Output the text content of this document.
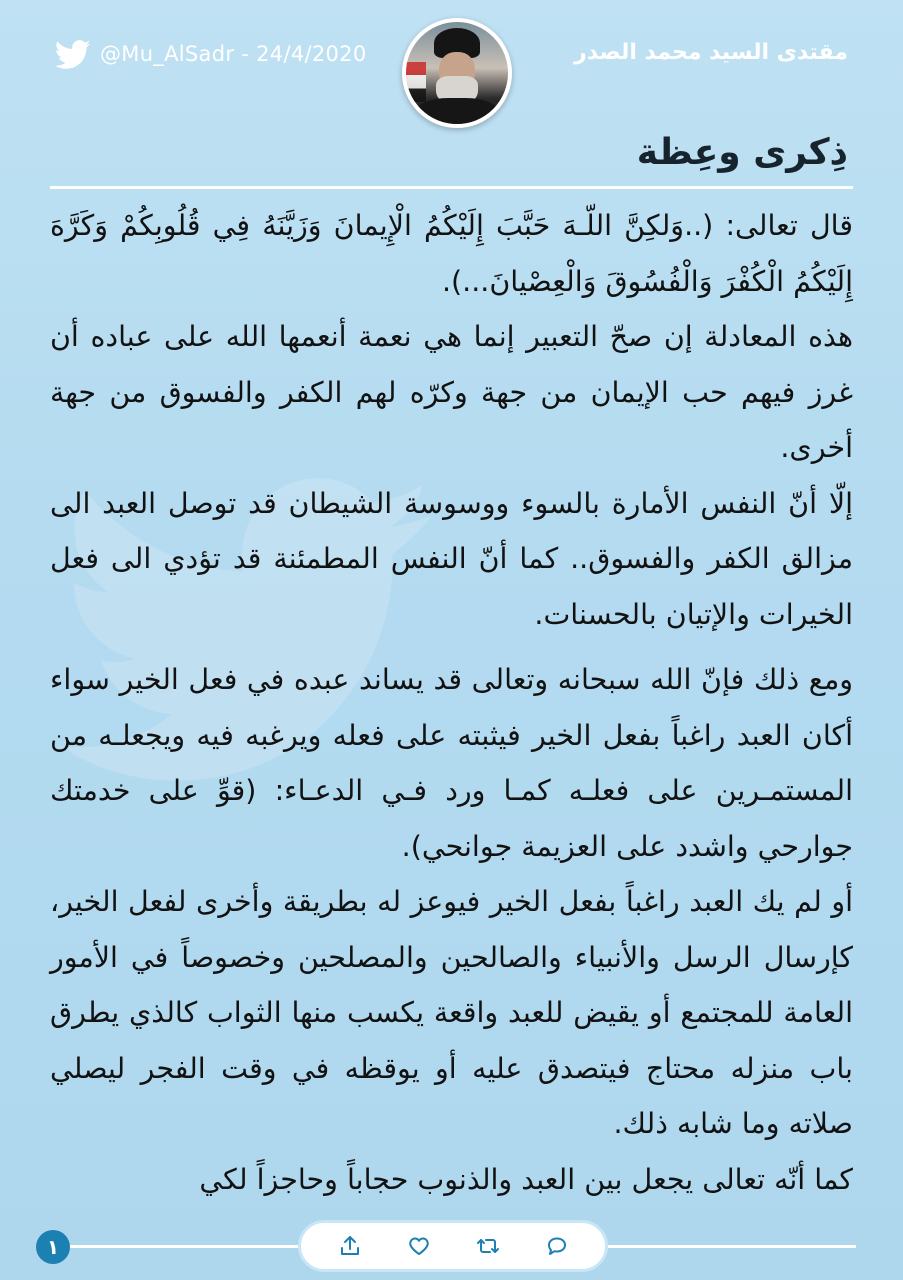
@Mu_AlSadr - 24/4/2020	مقتدى السيد محمد الصدر
ذِكرى وعِظة

قال تعالى: (..وَلكِنَّ اللّـهَ حَبَّبَ إِلَيْكُمُ الْإِيمانَ وَزَيَّنَهُ فِي قُلُوبِكُمْ وَكَرَّهَ إِلَيْكُمُ الْكُفْرَ وَالْفُسُوقَ وَالْعِصْيانَ...).

هذه المعادلة إن صحّ التعبير إنما هي نعمة أنعمها الله على عباده أن غرز فيهم حب الإيمان من جهة وكرّه لهم الكفر والفسوق من جهة أخرى.

إلّا أنّ النفس الأمارة بالسوء ووسوسة الشيطان قد توصل العبد الى مزالق الكفر والفسوق.. كما أنّ النفس المطمئنة قد تؤدي الى فعل الخيرات والإتيان بالحسنات.

ومع ذلك فإنّ الله سبحانه وتعالى قد يساند عبده في فعل الخير سواء أكان العبد راغباً بفعل الخير فيثبته على فعله ويرغبه فيه ويجعلـه من المستمـرين على فعلـه كمـا ورد فـي الدعـاء: (قوِّ على خدمتك جوارحي واشدد على العزيمة جوانحي).

أو لم يك العبد راغباً بفعل الخير فيوعز له بطريقة وأخرى لفعل الخير، كإرسال الرسل والأنبياء والصالحين والمصلحين وخصوصاً في الأمور العامة للمجتمع أو يقيض للعبد واقعة يكسب منها الثواب كالذي يطرق باب منزله محتاج فيتصدق عليه أو يوقظه في وقت الفجر ليصلي صلاته وما شابه ذلك.

كما أنّه تعالى يجعل بين العبد والذنوب حجاباً وحاجزاً لكي

١
